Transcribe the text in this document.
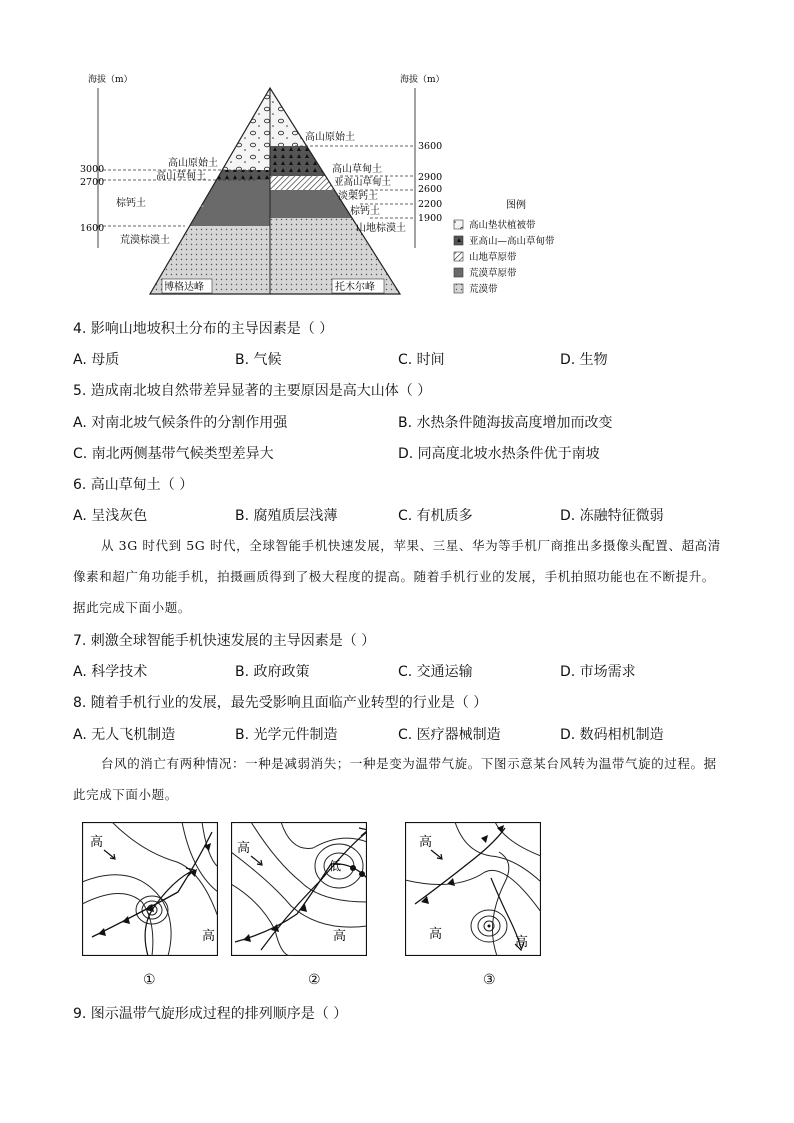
海拔（m）	海拔（m）
3000
2700
1600
3600
2900
2600
2200
1900
高山原始土
高山草甸土
棕钙土	栗钙土
荒漠棕漠土
高山原始土
高山草甸土
亚高山草甸土
淡栗钙土
棕钙土
山地棕漠土
博格达峰	托木尔峰
图例
高山垫状植被带
亚高山—高山草甸带
山地草原带
荒漠草原带
荒漠带
4. 影响山地坡积土分布的主导因素是（ ）
A. 母质	B. 气候	C. 时间	D. 生物
5. 造成南北坡自然带差异显著的主要原因是高大山体（ ）
A. 对南北坡气候条件的分割作用强	B. 水热条件随海拔高度增加而改变
C. 南北两侧基带气候类型差异大	D. 同高度北坡水热条件优于南坡
6. 高山草甸土（ ）
A. 呈浅灰色	B. 腐殖质层浅薄	C. 有机质多	D. 冻融特征微弱
从 3G 时代到 5G 时代，全球智能手机快速发展，苹果、三星、华为等手机厂商推出多摄像头配置、超高清像素和超广角功能手机，拍摄画质得到了极大程度的提高。随着手机行业的发展，手机拍照功能也在不断提升。据此完成下面小题。
7. 刺激全球智能手机快速发展的主导因素是（ ）
A. 科学技术	B. 政府政策	C. 交通运输	D. 市场需求
8. 随着手机行业的发展，最先受影响且面临产业转型的行业是（ ）
A. 无人飞机制造	B. 光学元件制造	C. 医疗器械制造	D. 数码相机制造
台风的消亡有两种情况：一种是减弱消失；一种是变为温带气旋。下图示意某台风转为温带气旋的过程。据此完成下面小题。
高
高
①
低
高
高
②
高
高
高
③
9. 图示温带气旋形成过程的排列顺序是（ ）
